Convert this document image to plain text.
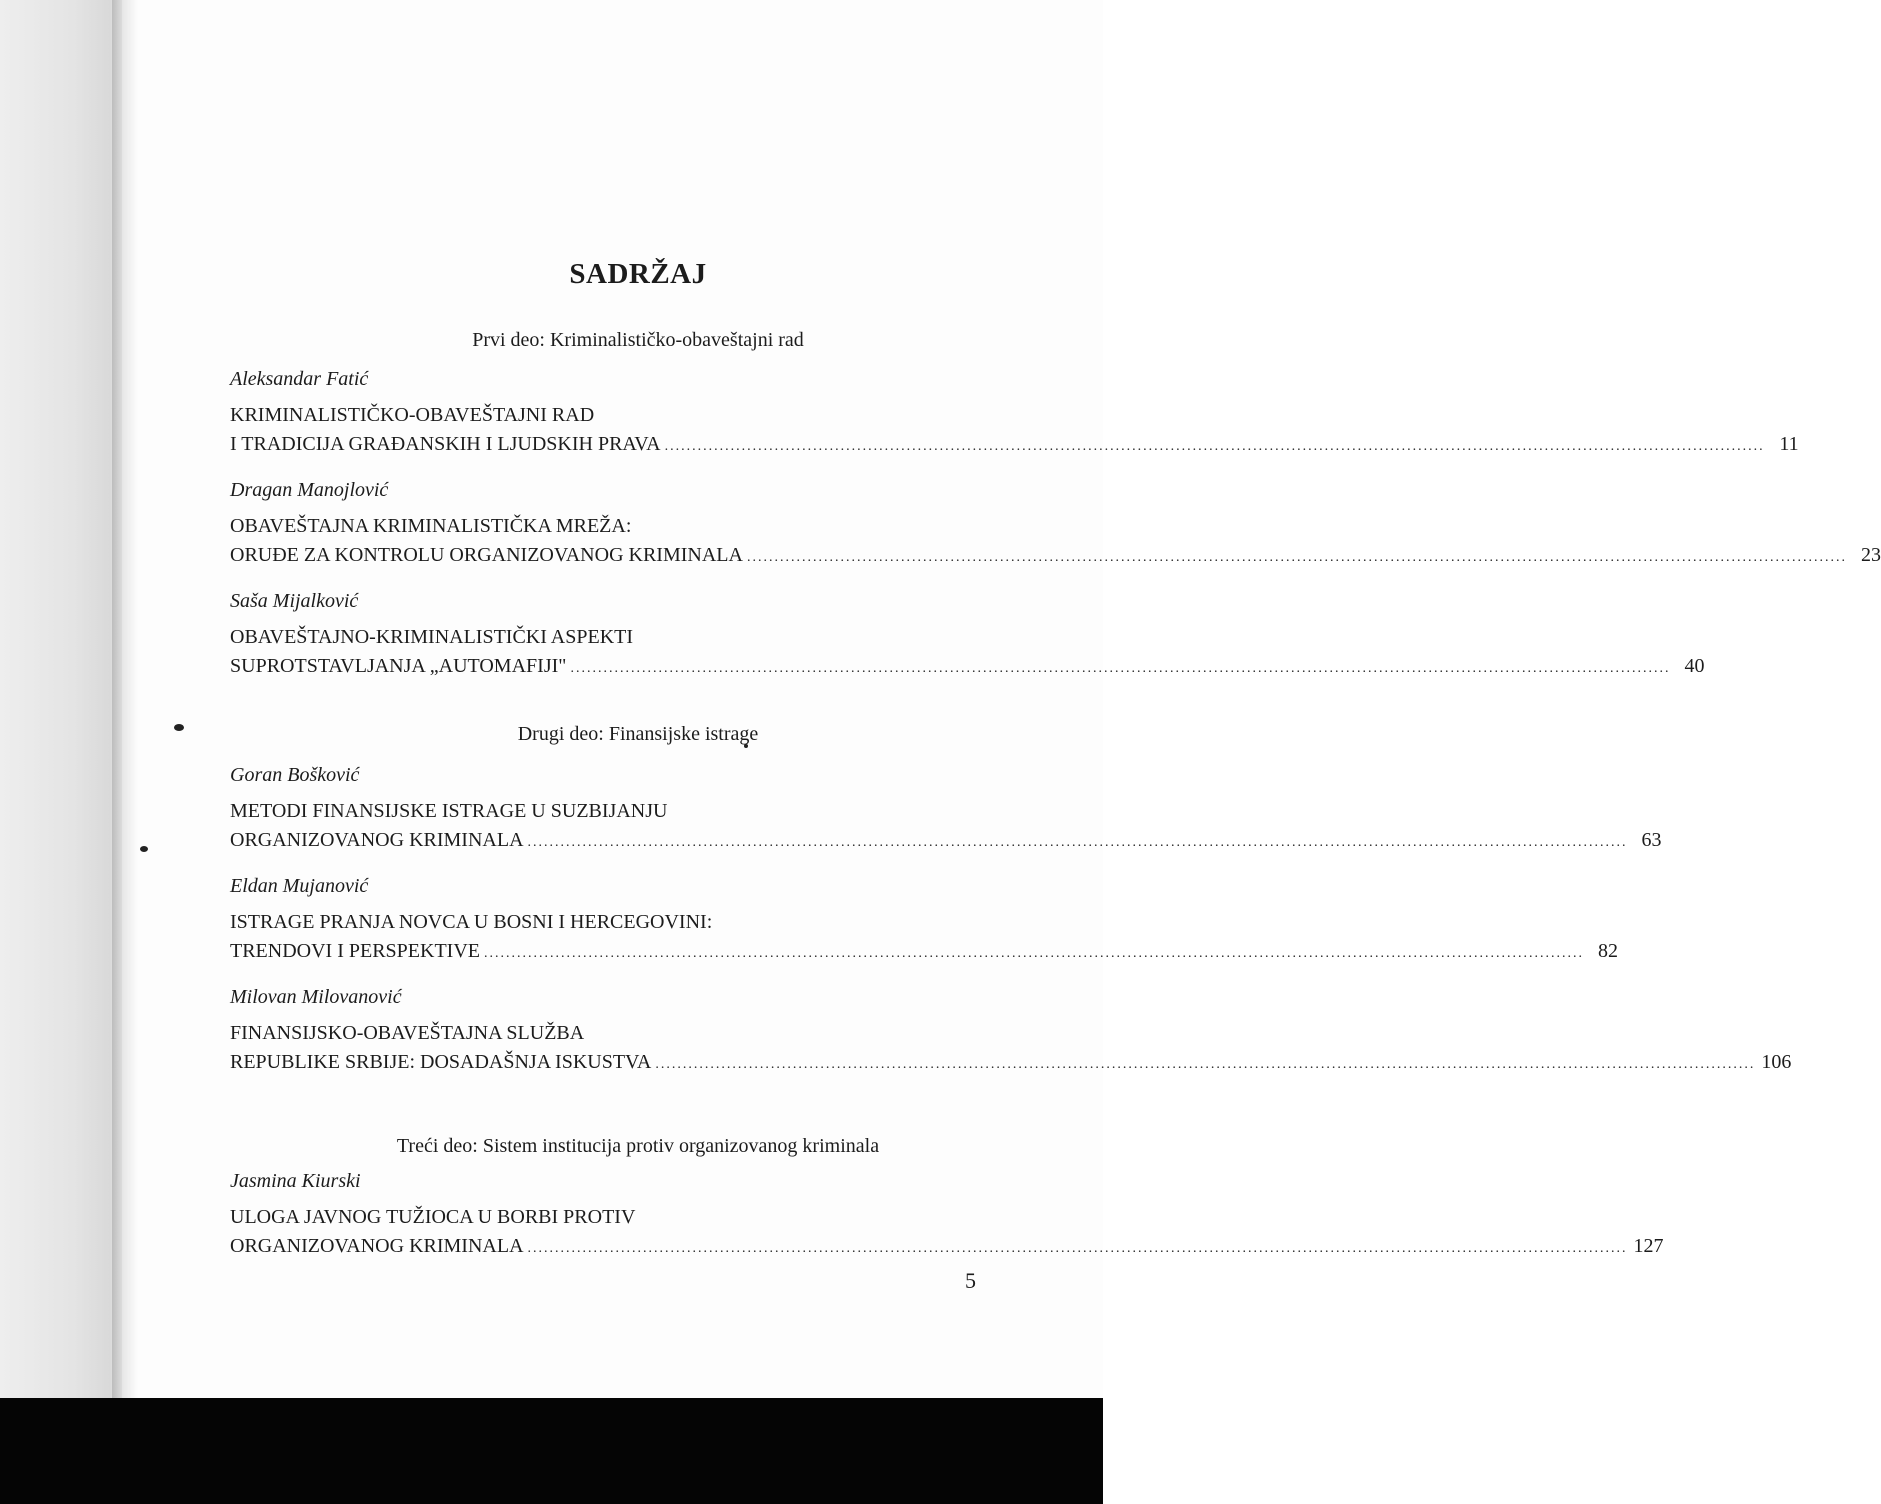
SADRŽAJ
Prvi deo: Kriminalističko-obaveštajni rad
Aleksandar Fatić
KRIMINALISTIČKO-OBAVEŠTAJNI RAD
I TRADICIJA GRAĐANSKIH I LJUDSKIH PRAVA ........................................................................................................................................................................................................ 11
Dragan Manojlović
OBAVEŠTAJNA KRIMINALISTIČKA MREŽA:
ORUĐE ZA KONTROLU ORGANIZOVANOG KRIMINALA ........................................................................................................................................................................................................ 23
Saša Mijalković
OBAVEŠTAJNO-KRIMINALISTIČKI ASPEKTI
SUPROTSTAVLJANJA „AUTOMAFIJI" ........................................................................................................................................................................................................ 40
Drugi deo: Finansijske istrage
Goran Bošković
METODI FINANSIJSKE ISTRAGE U SUZBIJANJU
ORGANIZOVANOG KRIMINALA ........................................................................................................................................................................................................ 63
Eldan Mujanović
ISTRAGE PRANJA NOVCA U BOSNI I HERCEGOVINI:
TRENDOVI I PERSPEKTIVE ........................................................................................................................................................................................................ 82
Milovan Milovanović
FINANSIJSKO-OBAVEŠTAJNA SLUŽBA
REPUBLIKE SRBIJE: DOSADAŠNJA ISKUSTVA ........................................................................................................................................................................................................ 106
Treći deo: Sistem institucija protiv organizovanog kriminala
Jasmina Kiurski
ULOGA JAVNOG TUŽIOCA U BORBI PROTIV
ORGANIZOVANOG KRIMINALA ........................................................................................................................................................................................................ 127
5
